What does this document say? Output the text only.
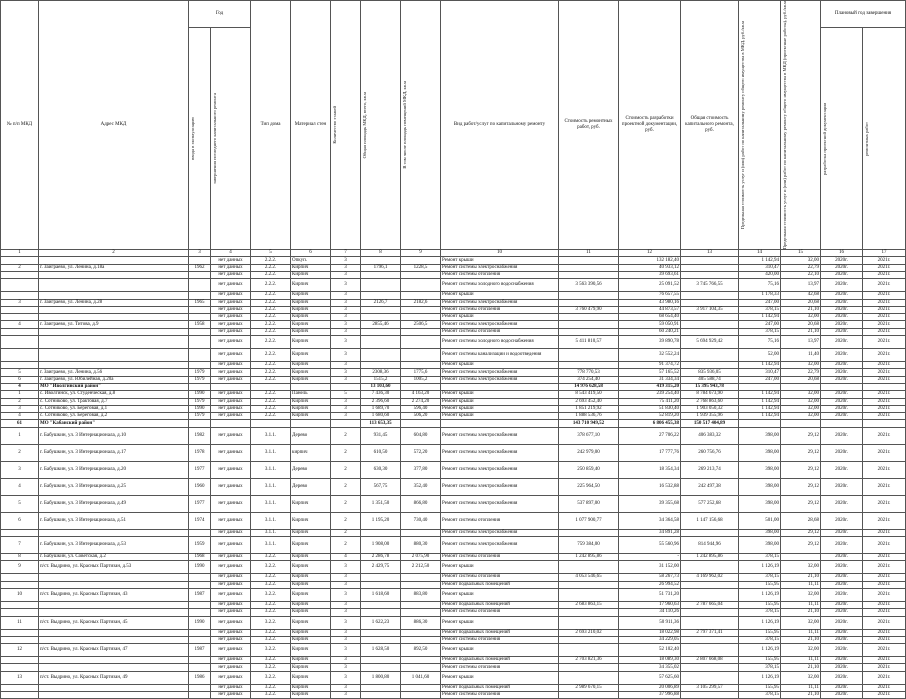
№ п/п МКД	Адрес МКД	Год		Тип дома	Материал стен	Количество этажей	Общая площадь МКД, всего, кв.м	В том числе площадь помещений МКД, кв.м	Вид работ/услуг по капитальному ремонту	Стоимость ремонтных работ, руб.	Стоимость разработки проектной документации, руб.	Общая стоимость капитального ремонта, руб.	Предельная стоимость услуг и (или) работ по капитальному ремонту общего имущества в МКД, руб./кв.м	Предельная стоимость услуг и (или) работ по капитальному ремонту общего имущества в МКД (проектные работы), руб./кв.м	Плановый год завершения	

		ввода в эксплуатацию	завершения последнего капитального ремонта												разработка проектной документации	ремонтных работ

1	2	3	4	5	6	7	8	9	10	11	12	13	14	15	16	17
			нет данных	2.2.2.	Опкуп.	3			Ремонт крыши		132 182,40		1 142,94	32,00	2020г.	2021г.
2	г. Заиграево, ул. Ленина, д.18а	1962	нет данных	2.2.2.	Кирпич	3	1796,1	1228,5	Ремонт системы электроснабжения		40 933,12		310,47	22,79	2020г.	2021г.
			нет данных	2.2.2.	Кирпич	3			Ремонт системы отопления		39 693,61		420,00	22,10	2020г.	2021г.
			нет данных	2.2.2.	Кирпич	3			Ремонт системы холодного водоснабжения	3 563 390,56	25 091,52	3 745 766,55	75,16	13,97	2020г.	2021г.
			нет данных	2.2.2.	Кирпич	3			Ремонт крыши		76 657,55		1 178,33	42,68	2020г.	2021г.
3	г. Заиграево, ул. Ленина, д.28	1965	нет данных	2.2.2.	Кирпич	3	2126,7	2182,6	Ремонт системы электроснабжения		43 980,16		247,00	20,68	2020г.	2021г.
			нет данных	2.2.2.	Кирпич	3			Ремонт системы отопления	3 760 479,90	44 873,57	3 917 104,35	378,15	21,10	2020г.	2021г.
			нет данных	2.2.2.	Кирпич	3			Ремонт крыши		68 654,40		1 142,94	32,00	2020г.	2021г.
4	г. Заиграево, ул. Титова, д.9	1958	нет данных	2.2.2.	Кирпич	3	2855,46	2506,5	Ремонт системы электроснабжения		59 050,91		247,00	20,68	2020г.	2021г.
			нет данных	2.2.2.	Кирпич	3			Ремонт системы отопления		60 240,21		378,15	21,10	2020г.	2021г.
			нет данных	2.2.2.	Кирпич	3			Ремонт системы холодного водоснабжения	5 411 810,57	39 890,78	5 694 929,42	75,16	13,97	2020г.	2021г.
			нет данных	2.2.2.	Кирпич	3			Ремонт системы канализации и водоотведения		32 552,24		52,00	11,40	2020г.	2021г.
			нет данных	2.2.2.	Кирпич	3			Ремонт крыши		91 374,72		1 142,94	32,00	2020г.	2021г.
5	г. Заиграево, ул. Ленина, д.56	1979	нет данных	2.2.2.	Кирпич	3	2308,36	1775,6	Ремонт системы электроснабжения	778 770,53	57 165,52	835 936,05	310,47	22,79	2020г.	2021г.
6	г. Заиграево, ул. Юбилейная, д.20а	1979	нет данных	2.2.2.	Кирпич	3	1515,2	1005,2	Ремонт системы электроснабжения	374 254,40	31 334,34	405 588,74	247,00	20,68	2020г.	2021г.
4	МО "Иволгинский район"						13 103,60			14 976 628,58	419 315,20	15 395 943,78				
1	с. Иволгинск, ул. Студенческая, д.8	1990	нет данных	2.2.2.	Панель	5	7 436,30	4 163,20	Ремонт крыши	8 543 419,50	239 254,40	8 784 673,90	1 142,94	32,00	2020г.	2021г.
2	с. Сотниково, ул. Трактовая, д.7	1979	нет данных	2.2.2.	Кирпич	3	2 396,60	2 274,20	Ремонт крыши	2 693 452,40	75 411,20	2 768 863,60	1 142,94	32,00	2020г.	2021г.
3	с. Сотниково, ул. Береговая, д.1	1990	нет данных	2.2.2.	Кирпич	3	1 689,70	596,40	Ремонт крыши	1 851 219,92	51 830,40	1 903 050,32	1 142,94	32,00	2020г.	2021г.
4	с. Сотниково, ул. Береговая, д.2	1979	нет данных	2.2.2.	Кирпич	3	1 680,60	506,20	Ремонт крыши	1 888 536,76	52 819,20	1 939 355,96	1 142,94	32,00	2020г.	2021г.
61	МО "Кабанский район"						113 653,35			143 710 949,52	6 806 455,38	150 517 404,89				
1	г. Бабушкин, ул. 3 Интернационала, д.10	1982	нет данных	3.1.1.	Дерево	2	931,45	604,80	Ремонт системы электроснабжения	378 677,10	27 706,22	406 383,32	398,00	29,12	2020г.	2021г.
2	г. Бабушкин, ул. 3 Интернационала, д.17	1978	нет данных	3.1.1.	кирпич	2	610,50	572,20	Ремонт системы электроснабжения	242 979,00	17 777,76	260 756,76	398,00	29,12	2020г.	2021г.
3	г. Бабушкин, ул. 3 Интернационала, д.20	1977	нет данных	3.1.1.	Дерево	2	630,30	377,80	Ремонт системы электроснабжения	250 859,40	18 354,34	269 213,74	398,00	29,12	2020г.	2021г.
4	г. Бабушкин, ул. 3 Интернационала, д.25	1960	нет данных	3.1.1.	Дерево	2	567,75	352,40	Ремонт системы электроснабжения	225 964,50	16 532,88	242 497,38	398,00	29,12	2020г.	2021г.
5	г. Бабушкин, ул. 3 Интернационала, д.49	1977	нет данных	3.1.1.	Кирпич	2	1 351,50	866,80	Ремонт системы электроснабжения	537 897,00	39 355,68	577 252,68	398,00	29,12	2020г.	2021г.
6	г. Бабушкин, ул. 3 Интернационала, д.51	1974	нет данных	3.1.1.	Кирпич	2	1 195,20	730,40	Ремонт системы отопления	1 077 900,77	34 364,58	1 147 156,68	501,00	28,68	2020г.	2021г.
			нет данных	3.1.1.	Кирпич	2			Ремонт системы электроснабжения		34 891,28		398,00	29,12	2020г.	2021г.
7	г. Бабушкин, ул. 3 Интернационала, д.53	1959	нет данных	3.1.1.	Кирпич	2	1 908,00	880,30	Ремонт системы электроснабжения	759 384,00	55 560,96	814 944,96	398,00	29,12	2020г.	2021г.
8	г. Бабушкин, ул. Советская, д.2	1968	нет данных	3.2.2.	Кирпич	4	2 286,78	2 075,90	Ремонт системы отопления	1 242 895,86	-	1 242 895,86	378,15		2020г.	2021г.
9	п/ст. Выдрино, ул. Красных Партизан, д.53	1990	нет данных	3.2.2.	Кирпич	3	2 429,75	2 212,50	Ремонт крыши		31 152,00		1 126,19	32,00	2020г.	2021г.
			нет данных	3.2.2.	Кирпич	3			Ремонт системы отопления	4 053 546,65	58 267,73	4 169 962,02	378,15	21,10	2020г.	2021г.
			нет данных	3.2.2.	Кирпич	3			Ремонт подвальных помещений		26 994,52		155,95	11,11	2020г.	2021г.
10	п/ст. Выдрино, ул. Красных Партизан, 43	1987	нет данных	3.2.2.	Кирпич	3	1 618,60	883,80	Ремонт крыши		51 731,20		1 126,19	32,00	2020г.	2021г.
			нет данных	3.2.2.	Кирпич	3			Ремонт подвальных помещений	2 683 863,15	17 960,63	2 787 665,04	155,95	11,11	2020г.	2021г.
			нет данных	3.2.2.	Кирпич	3			Ремонт системы отопления		34 110,26		378,15	21,10	2020г.	2021г.
11	п/ст. Выдрино, ул. Красных Партизан, 45	1990	нет данных	3.2.2.	Кирпич	3	1 622,23	886,30	Ремонт крыши		50 911,36		1 126,19	32,00	2020г.	2021г.
			нет данных	3.2.2.	Кирпич	3			Ремонт подвальных помещений	2 693 210,02	18 022,98	2 797 371,41	155,95	11,11	2020г.	2021г.
			нет данных	3.2.2.	Кирпич	3			Ремонт системы отопления		34 229,05		378,15	21,10	2020г.	2021г.
12	п/ст. Выдрино, ул. Красных Партизан, 47	1987	нет данных	3.2.2.	Кирпич	3	1 628,50	892,50	Ремонт крыши		52 102,40		1 126,19	32,00	2020г.	2021г.
			нет данных	3.2.2.	Кирпич	3			Ремонт подвальных помещений	2 703 821,36	18 089,30	2 807 668,08	155,95	11,11	2020г.	2021г.
			нет данных	3.2.2.	Кирпич	3			Ремонт системы отопления		34 355,02		378,15	21,10	2020г.	2021г.
13	п/ст. Выдрино, ул. Красных Партизан, 49	1986	нет данных	3.2.2.	Кирпич	3	1 800,80	1 041,60	Ремонт крыши		57 625,60		1 126,19	32,00	2020г.	2021г.
			нет данных	3.2.2.	Кирпич	3			Ремонт подвальных помещений	2 989 670,15	20 006,89	3 105 299,57	155,95	11,11	2020г.	2021г.
			нет данных	3.2.2.	Кирпич	3			Ремонт системы отопления		37 996,88		378,15	21,10	2020г.	2021г.
